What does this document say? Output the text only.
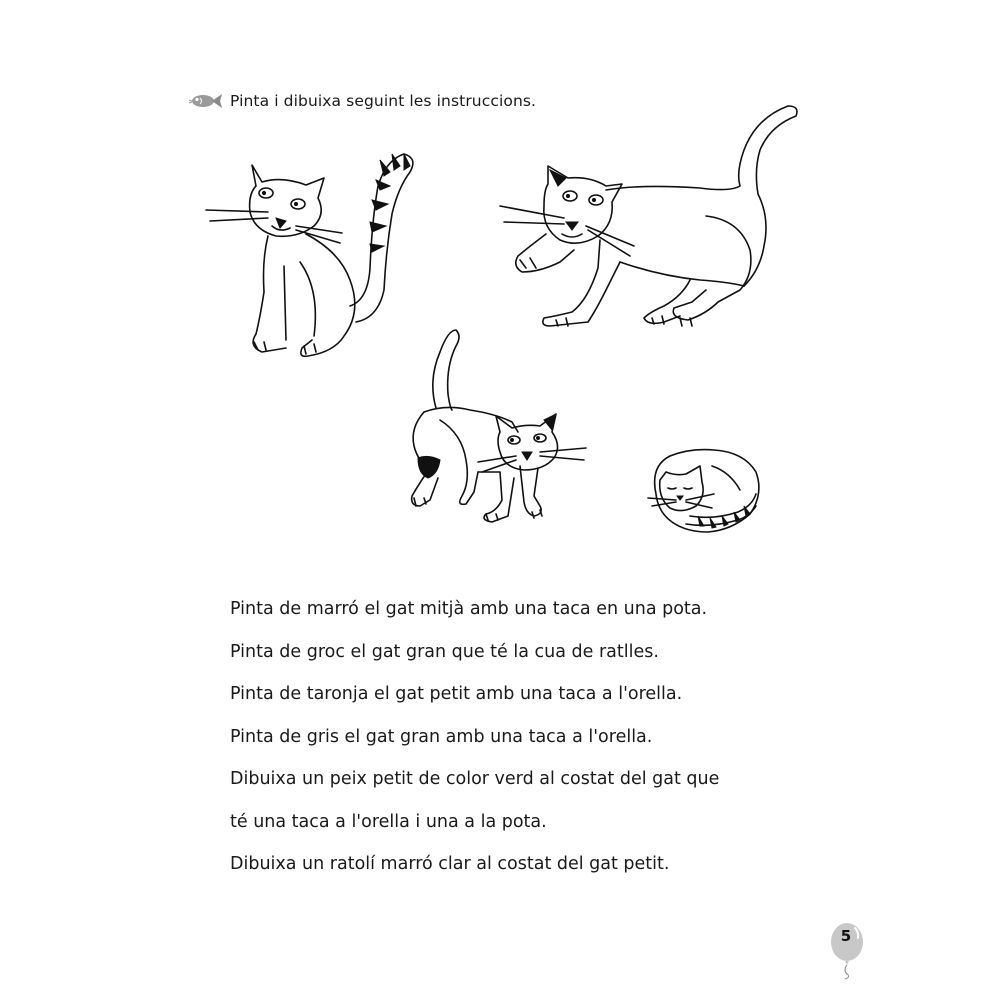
Pinta i dibuixa seguint les instruccions.
Pinta de marró el gat mitjà amb una taca en una pota.
Pinta de groc el gat gran que té la cua de ratlles.
Pinta de taronja el gat petit amb una taca a l'orella.
Pinta de gris el gat gran amb una taca a l'orella.
Dibuixa un peix petit de color verd al costat del gat que
té una taca a l'orella i una a la pota.
Dibuixa un ratolí marró clar al costat del gat petit.
5
